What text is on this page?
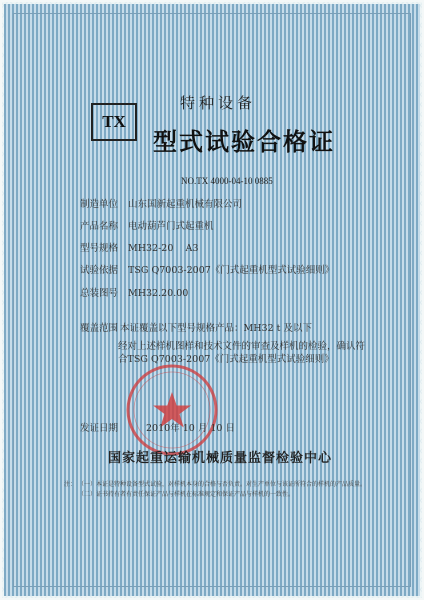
TX
特种设备
型式试验合格证
NO.TX 4000-04-10 0885
制造单位 山东国新起重机械有限公司
产品名称 电动葫芦门式起重机
型号规格 MH32-20    A3
试验依据 TSG Q7003-2007《门式起重机型式试验细则》
总装图号 MH32.20.00
覆盖范围 本证覆盖以下型号规格产品：MH32 t 及以下
经对上述样机图样和技术文件的审查及样机的检验，确认符合TSG Q7003-2007《门式起重机型式试验细则》
发证日期	2010年 10 月 10 日
国家起重运输机械质量监督检验中心
注： （一）本证是特种设备型式试验，对样机本身的合格与否负责。对生产单位与该证所符合的样机的产品质量。
（二）证书持有者有责任保证产品与样机在标准规定和保证产品与样机的一致性。
